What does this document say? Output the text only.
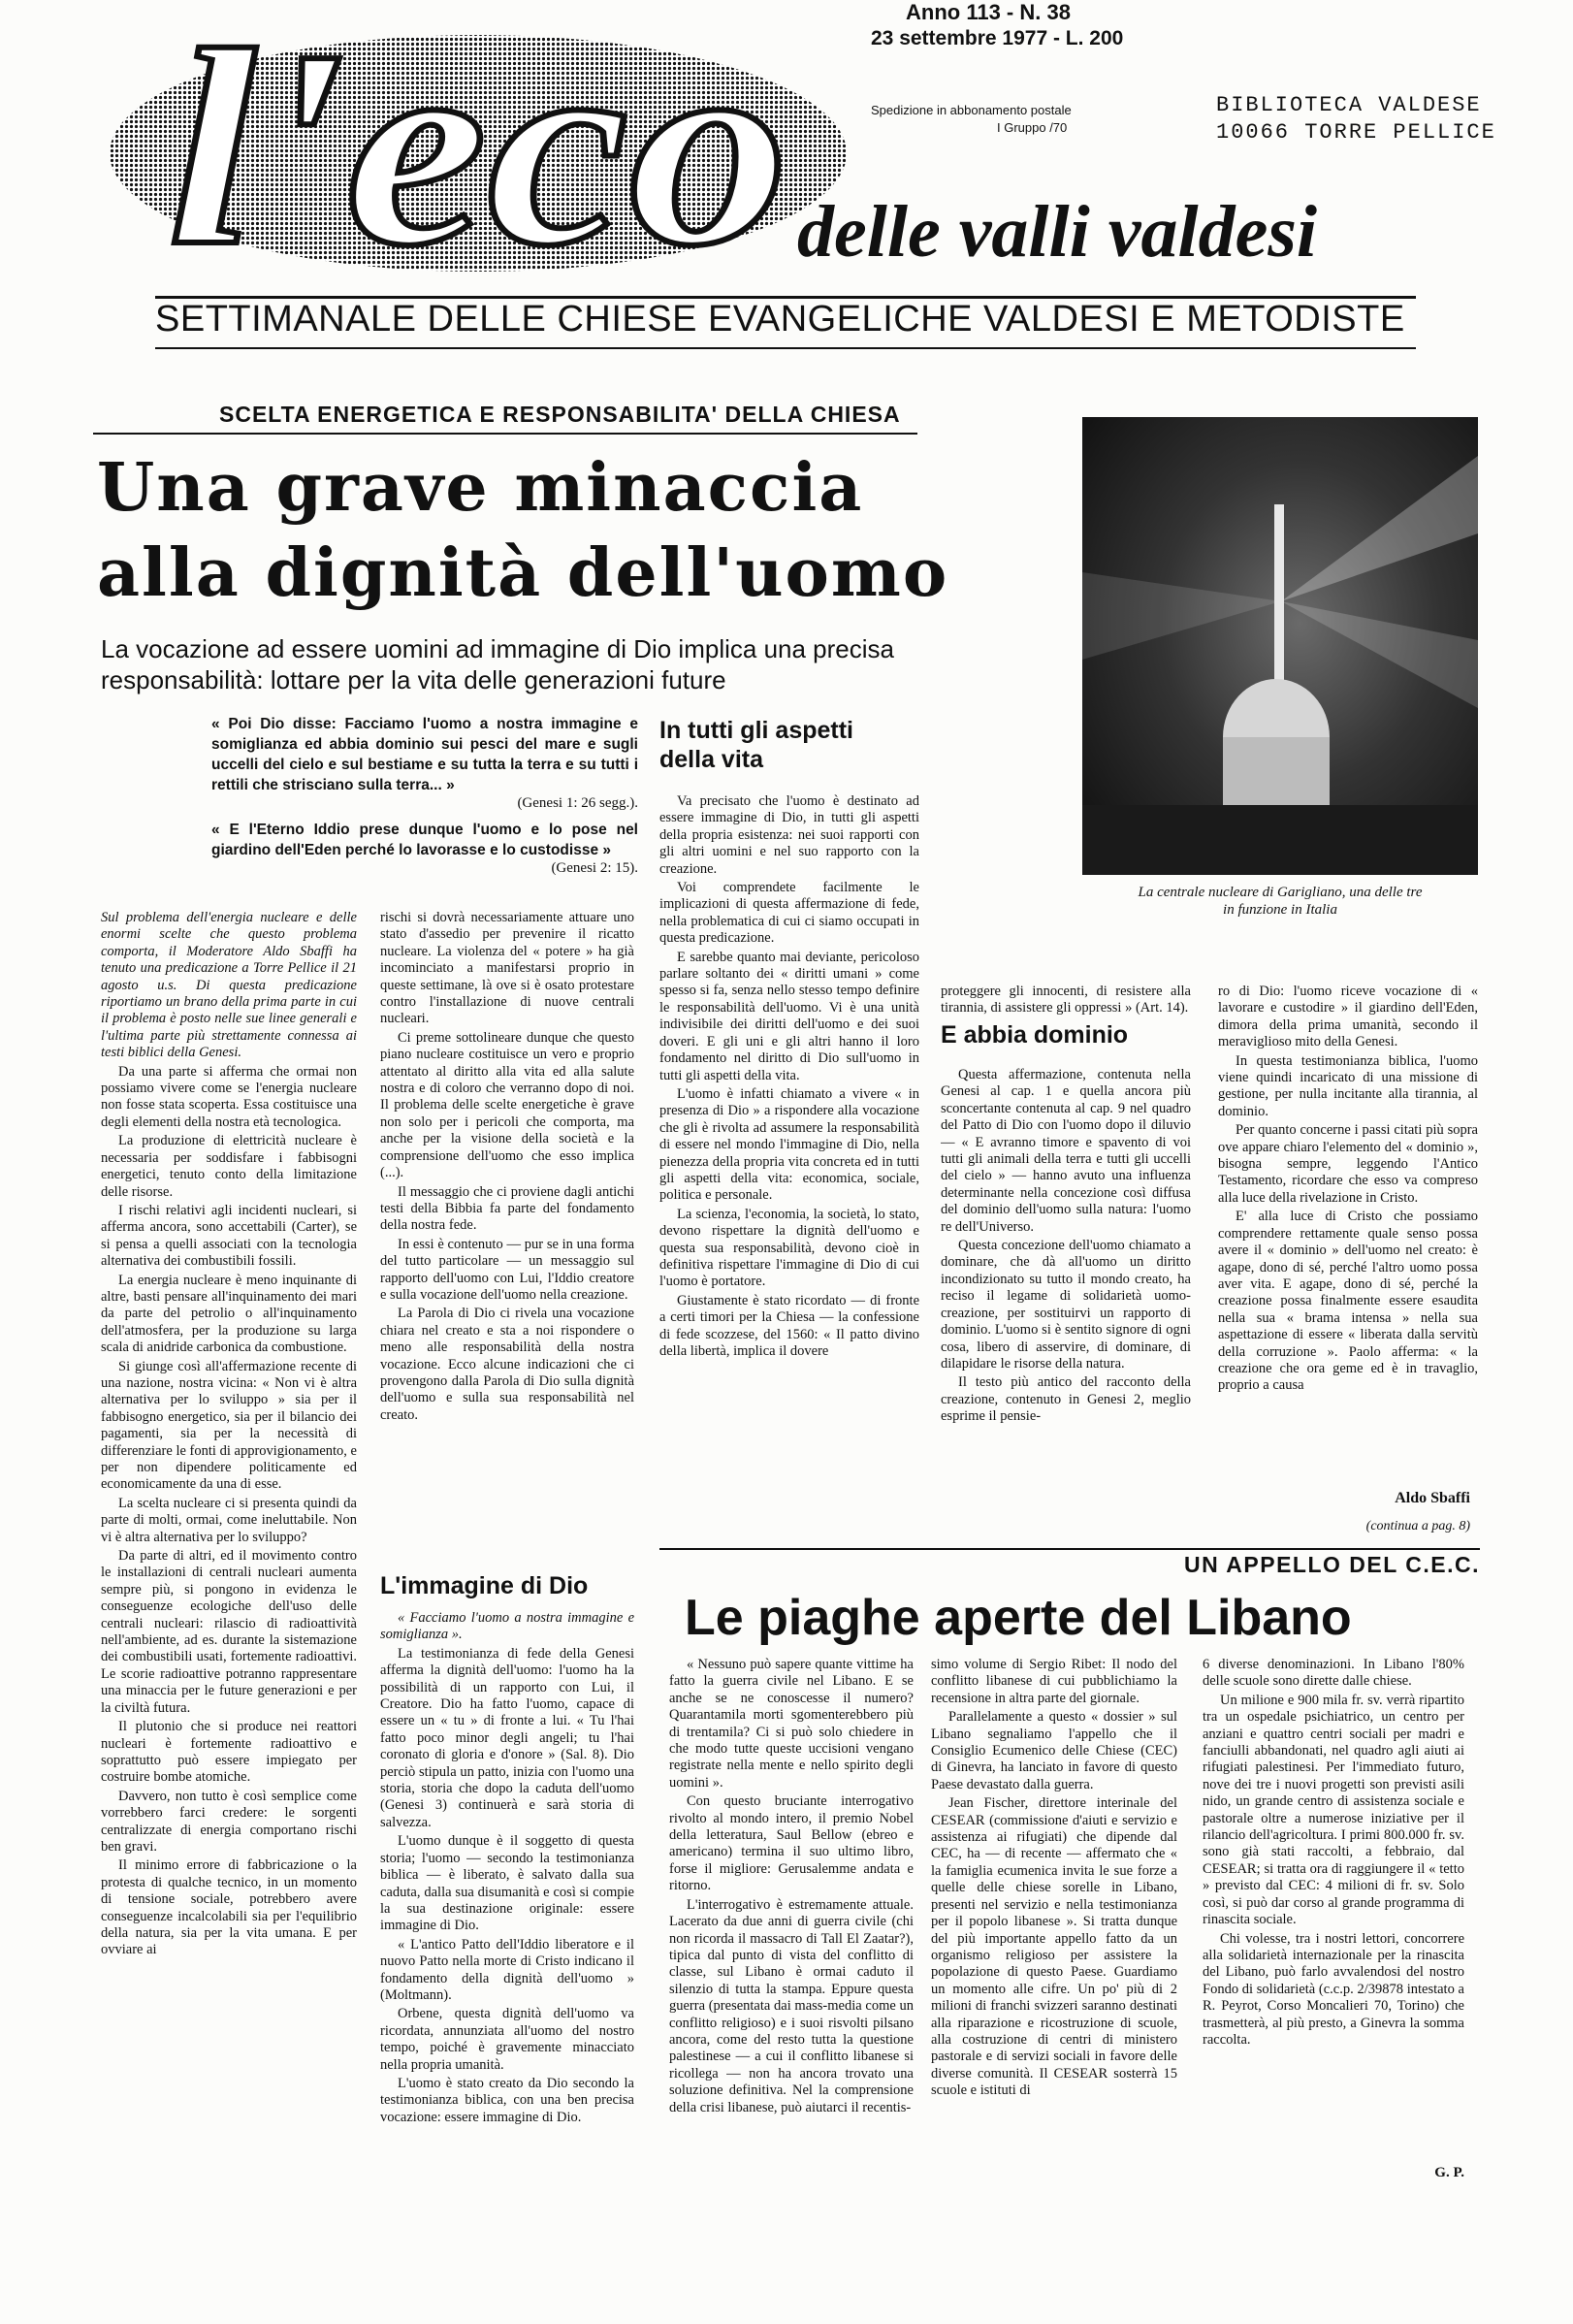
l'eco delle valli valdesi
Anno 113 - N. 38
23 settembre 1977 - L. 200
Spedizione in abbonamento postale
I Gruppo /70
BIBLIOTECA VALDESE
10066 TORRE PELLICE
SETTIMANALE DELLE CHIESE EVANGELICHE VALDESI E METODISTE
SCELTA ENERGETICA E RESPONSABILITA' DELLA CHIESA
Una grave minaccia
alla dignità dell'uomo
La vocazione ad essere uomini ad immagine di Dio implica una precisa
responsabilità: lottare per la vita delle generazioni future

« Poi Dio disse: Facciamo l'uomo a nostra immagine e somiglianza ed abbia dominio sui pesci del mare e sugli uccelli del cielo e sul bestiame e su tutta la terra e su tutti i rettili che strisciano sulla terra... »

(Genesi 1: 26 segg.).

« E l'Eterno Iddio prese dunque l'uomo e lo pose nel giardino dell'Eden perché lo lavorasse e lo custodisse »

(Genesi 2: 15).

La centrale nucleare di Garigliano, una delle tre
in funzione in Italia
In tutti gli aspetti della vita

Sul problema dell'energia nucleare e delle enormi scelte che questo problema comporta, il Moderatore Aldo Sbaffi ha tenuto una predicazione a Torre Pellice il 21 agosto u.s. Di questa predicazione riportiamo un brano della prima parte in cui il problema è posto nelle sue linee generali e l'ultima parte più strettamente connessa ai testi biblici della Genesi.

Da una parte si afferma che ormai non possiamo vivere come se l'energia nucleare non fosse stata scoperta. Essa costituisce una degli elementi della nostra età tecnologica.

La produzione di elettricità nucleare è necessaria per soddisfare i fabbisogni energetici, tenuto conto della limitazione delle risorse.

I rischi relativi agli incidenti nucleari, si afferma ancora, sono accettabili (Carter), se si pensa a quelli associati con la tecnologia alternativa dei combustibili fossili.

La energia nucleare è meno inquinante di altre, basti pensare all'inquinamento dei mari da parte del petrolio o all'inquinamento dell'atmosfera, per la produzione su larga scala di anidride carbonica da combustione.

Si giunge così all'affermazione recente di una nazione, nostra vicina: « Non vi è altra alternativa per lo sviluppo » sia per il fabbisogno energetico, sia per il bilancio dei pagamenti, sia per la necessità di differenziare le fonti di approvigionamento, e per non dipendere politicamente ed economicamente da una di esse.

La scelta nucleare ci si presenta quindi da parte di molti, ormai, come ineluttabile. Non vi è altra alternativa per lo sviluppo?

Da parte di altri, ed il movimento contro le installazioni di centrali nucleari aumenta sempre più, si pongono in evidenza le conseguenze ecologiche dell'uso delle centrali nucleari: rilascio di radioattività nell'ambiente, ad es. durante la sistemazione dei combustibili usati, fortemente radioattivi. Le scorie radioattive potranno rappresentare una minaccia per le future generazioni e per la civiltà futura.

Il plutonio che si produce nei reattori nucleari è fortemente radioattivo e soprattutto può essere impiegato per costruire bombe atomiche.

Davvero, non tutto è così semplice come vorrebbero farci credere: le sorgenti centralizzate di energia comportano rischi ben gravi.

Il minimo errore di fabbricazione o la protesta di qualche tecnico, in un momento di tensione sociale, potrebbero avere conseguenze incalcolabili sia per l'equilibrio della natura, sia per la vita umana. E per ovviare ai

rischi si dovrà necessariamente attuare uno stato d'assedio per prevenire il ricatto nucleare. La violenza del « potere » ha già incominciato a manifestarsi proprio in queste settimane, là ove si è osato protestare contro l'installazione di nuove centrali nucleari.

Ci preme sottolineare dunque che questo piano nucleare costituisce un vero e proprio attentato al diritto alla vita ed alla salute nostra e di coloro che verranno dopo di noi. Il problema delle scelte energetiche è grave non solo per i pericoli che comporta, ma anche per la visione della società e la comprensione dell'uomo che esso implica (...).

Il messaggio che ci proviene dagli antichi testi della Bibbia fa parte del fondamento della nostra fede.

In essi è contenuto — pur se in una forma del tutto particolare — un messaggio sul rapporto dell'uomo con Lui, l'Iddio creatore e sulla vocazione dell'uomo nella creazione.

La Parola di Dio ci rivela una vocazione chiara nel creato e sta a noi rispondere o meno alle responsabilità della nostra vocazione. Ecco alcune indicazioni che ci provengono dalla Parola di Dio sulla dignità dell'uomo e sulla sua responsabilità nel creato.

L'immagine di Dio

« Facciamo l'uomo a nostra immagine e somiglianza ».

La testimonianza di fede della Genesi afferma la dignità dell'uomo: l'uomo ha la possibilità di un rapporto con Lui, il Creatore. Dio ha fatto l'uomo, capace di essere un « tu » di fronte a lui. « Tu l'hai fatto poco minor degli angeli; tu l'hai coronato di gloria e d'onore » (Sal. 8). Dio perciò stipula un patto, inizia con l'uomo una storia, storia che dopo la caduta dell'uomo (Genesi 3) continuerà e sarà storia di salvezza.

L'uomo dunque è il soggetto di questa storia; l'uomo — secondo la testimonianza biblica — è liberato, è salvato dalla sua caduta, dalla sua disumanità e così si compie la sua destinazione originale: essere immagine di Dio.

« L'antico Patto dell'Iddio liberatore e il nuovo Patto nella morte di Cristo indicano il fondamento della dignità dell'uomo » (Moltmann).

Orbene, questa dignità dell'uomo va ricordata, annunziata all'uomo del nostro tempo, poiché è gravemente minacciato nella propria umanità.

L'uomo è stato creato da Dio secondo la testimonianza biblica, con una ben precisa vocazione: essere immagine di Dio.

Va precisato che l'uomo è destinato ad essere immagine di Dio, in tutti gli aspetti della propria esistenza: nei suoi rapporti con gli altri uomini e nel suo rapporto con la creazione.

Voi comprendete facilmente le implicazioni di questa affermazione di fede, nella problematica di cui ci siamo occupati in questa predicazione.

E sarebbe quanto mai deviante, pericoloso parlare soltanto dei « diritti umani » come spesso si fa, senza nello stesso tempo definire le responsabilità dell'uomo. Vi è una unità indivisibile dei diritti dell'uomo e dei suoi doveri. E gli uni e gli altri hanno il loro fondamento nel diritto di Dio sull'uomo in tutti gli aspetti della vita.

L'uomo è infatti chiamato a vivere « in presenza di Dio » a rispondere alla vocazione che gli è rivolta ad assumere la responsabilità di essere nel mondo l'immagine di Dio, nella pienezza della propria vita concreta ed in tutti gli aspetti della vita: economica, sociale, politica e personale.

La scienza, l'economia, la società, lo stato, devono rispettare la dignità dell'uomo e questa sua responsabilità, devono cioè in definitiva rispettare l'immagine di Dio di cui l'uomo è portatore.

Giustamente è stato ricordato — di fronte a certi timori per la Chiesa — la confessione di fede scozzese, del 1560: « Il patto divino della libertà, implica il dovere

proteggere gli innocenti, di resistere alla tirannia, di assistere gli oppressi » (Art. 14).

E abbia dominio

Questa affermazione, contenuta nella Genesi al cap. 1 e quella ancora più sconcertante contenuta al cap. 9 nel quadro del Patto di Dio con l'uomo dopo il diluvio — « E avranno timore e spavento di voi tutti gli animali della terra e tutti gli uccelli del cielo » — hanno avuto una influenza determinante nella concezione così diffusa del dominio dell'uomo sulla natura: l'uomo re dell'Universo.

Questa concezione dell'uomo chiamato a dominare, che dà all'uomo un diritto incondizionato su tutto il mondo creato, ha reciso il legame di solidarietà uomo-creazione, per sostituirvi un rapporto di dominio. L'uomo si è sentito signore di ogni cosa, libero di asservire, di dominare, di dilapidare le risorse della natura.

Il testo più antico del racconto della creazione, contenuto in Genesi 2, meglio esprime il pensie-

ro di Dio: l'uomo riceve vocazione di « lavorare e custodire » il giardino dell'Eden, dimora della prima umanità, secondo il meraviglioso mito della Genesi.

In questa testimonianza biblica, l'uomo viene quindi incaricato di una missione di gestione, per nulla incitante alla tirannia, al dominio.

Per quanto concerne i passi citati più sopra ove appare chiaro l'elemento del « dominio », bisogna sempre, leggendo l'Antico Testamento, ricordare che esso va compreso alla luce della rivelazione in Cristo.

E' alla luce di Cristo che possiamo comprendere rettamente quale senso possa avere il « dominio » dell'uomo nel creato: è agape, dono di sé, perché l'altro uomo possa aver vita. E agape, dono di sé, perché la creazione possa finalmente essere esaudita nella sua « brama intensa » nella sua aspettazione di essere « liberata dalla servitù della corruzione ». Paolo afferma: « la creazione che ora geme ed è in travaglio, proprio a causa

Aldo Sbaffi
(continua a pag. 8)
UN APPELLO DEL C.E.C.
Le piaghe aperte del Libano

« Nessuno può sapere quante vittime ha fatto la guerra civile nel Libano. E se anche se ne conoscesse il numero? Quarantamila morti sgomenterebbero più di trentamila? Ci si può solo chiedere in che modo tutte queste uccisioni vengano registrate nella mente e nello spirito degli uomini ».

Con questo bruciante interrogativo rivolto al mondo intero, il premio Nobel della letteratura, Saul Bellow (ebreo e americano) termina il suo ultimo libro, forse il migliore: Gerusalemme andata e ritorno.

L'interrogativo è estremamente attuale. Lacerato da due anni di guerra civile (chi non ricorda il massacro di Tall El Zaatar?), tipica dal punto di vista del conflitto di classe, sul Libano è ormai caduto il silenzio di tutta la stampa. Eppure questa guerra (presentata dai mass-media come un conflitto religioso) e i suoi risvolti pilsano ancora, come del resto tutta la questione palestinese — a cui il conflitto libanese si ricollega — non ha ancora trovato una soluzione definitiva. Nel la comprensione della crisi libanese, può aiutarci il recentis-

simo volume di Sergio Ribet: Il nodo del conflitto libanese di cui pubblichiamo la recensione in altra parte del giornale.

Parallelamente a questo « dossier » sul Libano segnaliamo l'appello che il Consiglio Ecumenico delle Chiese (CEC) di Ginevra, ha lanciato in favore di questo Paese devastato dalla guerra.

Jean Fischer, direttore interinale del CESEAR (commissione d'aiuti e servizio e assistenza ai rifugiati) che dipende dal CEC, ha — di recente — affermato che « la famiglia ecumenica invita le sue forze a quelle delle chiese sorelle in Libano, presenti nel servizio e nella testimonianza per il popolo libanese ». Si tratta dunque del più importante appello fatto da un organismo religioso per assistere la popolazione di questo Paese. Guardiamo un momento alle cifre. Un po' più di 2 milioni di franchi svizzeri saranno destinati alla riparazione e ricostruzione di scuole, alla costruzione di centri di ministero pastorale e di servizi sociali in favore delle diverse comunità. Il CESEAR sosterrà 15 scuole e istituti di

6 diverse denominazioni. In Libano l'80% delle scuole sono dirette dalle chiese.

Un milione e 900 mila fr. sv. verrà ripartito tra un ospedale psichiatrico, un centro per anziani e quattro centri sociali per madri e fanciulli abbandonati, nel quadro agli aiuti ai rifugiati palestinesi. Per l'immediato futuro, nove dei tre i nuovi progetti son previsti asili nido, un grande centro di assistenza sociale e pastorale oltre a numerose iniziative per il rilancio dell'agricoltura. I primi 800.000 fr. sv. sono già stati raccolti, a febbraio, dal CESEAR; si tratta ora di raggiungere il « tetto » previsto dal CEC: 4 milioni di fr. sv. Solo così, si può dar corso al grande programma di rinascita sociale.

Chi volesse, tra i nostri lettori, concorrere alla solidarietà internazionale per la rinascita del Libano, può farlo avvalendosi del nostro Fondo di solidarietà (c.c.p. 2/39878 intestato a R. Peyrot, Corso Moncalieri 70, Torino) che trasmetterà, al più presto, a Ginevra la somma raccolta.

G. P.
